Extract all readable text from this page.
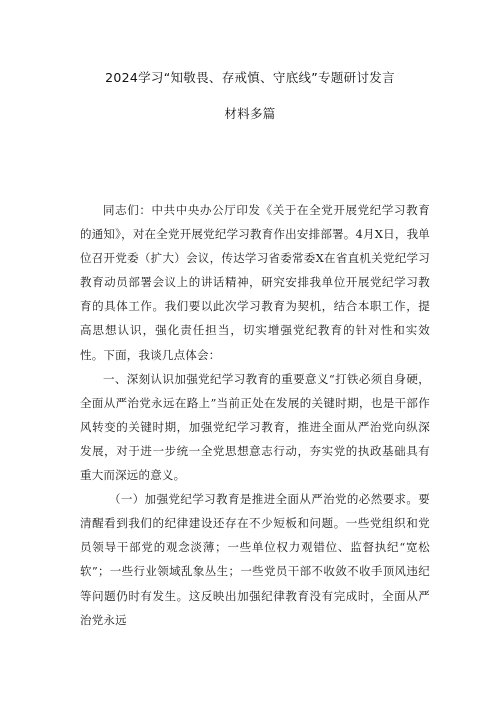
2024学习“知敬畏、存戒慎、守底线”专题研讨发言
材料多篇

同志们：中共中央办公厅印发《关于在全党开展党纪学习教育的通知》，对在全党开展党纪学习教育作出安排部署。4月X日，我单位召开党委（扩大）会议，传达学习省委常委X在省直机关党纪学习教育动员部署会议上的讲话精神，研究安排我单位开展党纪学习教育的具体工作。我们要以此次学习教育为契机，结合本职工作，提高思想认识，强化责任担当，切实增强党纪教育的针对性和实效性。下面，我谈几点体会：

一、深刻认识加强党纪学习教育的重要意义“打铁必须自身硬，全面从严治党永远在路上”当前正处在发展的关键时期，也是干部作风转变的关键时期，加强党纪学习教育，推进全面从严治党向纵深发展，对于进一步统一全党思想意志行动，夯实党的执政基础具有重大而深远的意义。

（一）加强党纪学习教育是推进全面从严治党的必然要求。要清醒看到我们的纪律建设还存在不少短板和问题。一些党组织和党员领导干部党的观念淡薄；一些单位权力观错位、监督执纪“宽松软”；一些行业领域乱象丛生；一些党员干部不收敛不收手顶风违纪等问题仍时有发生。这反映出加强纪律教育没有完成时，全面从严治党永远
